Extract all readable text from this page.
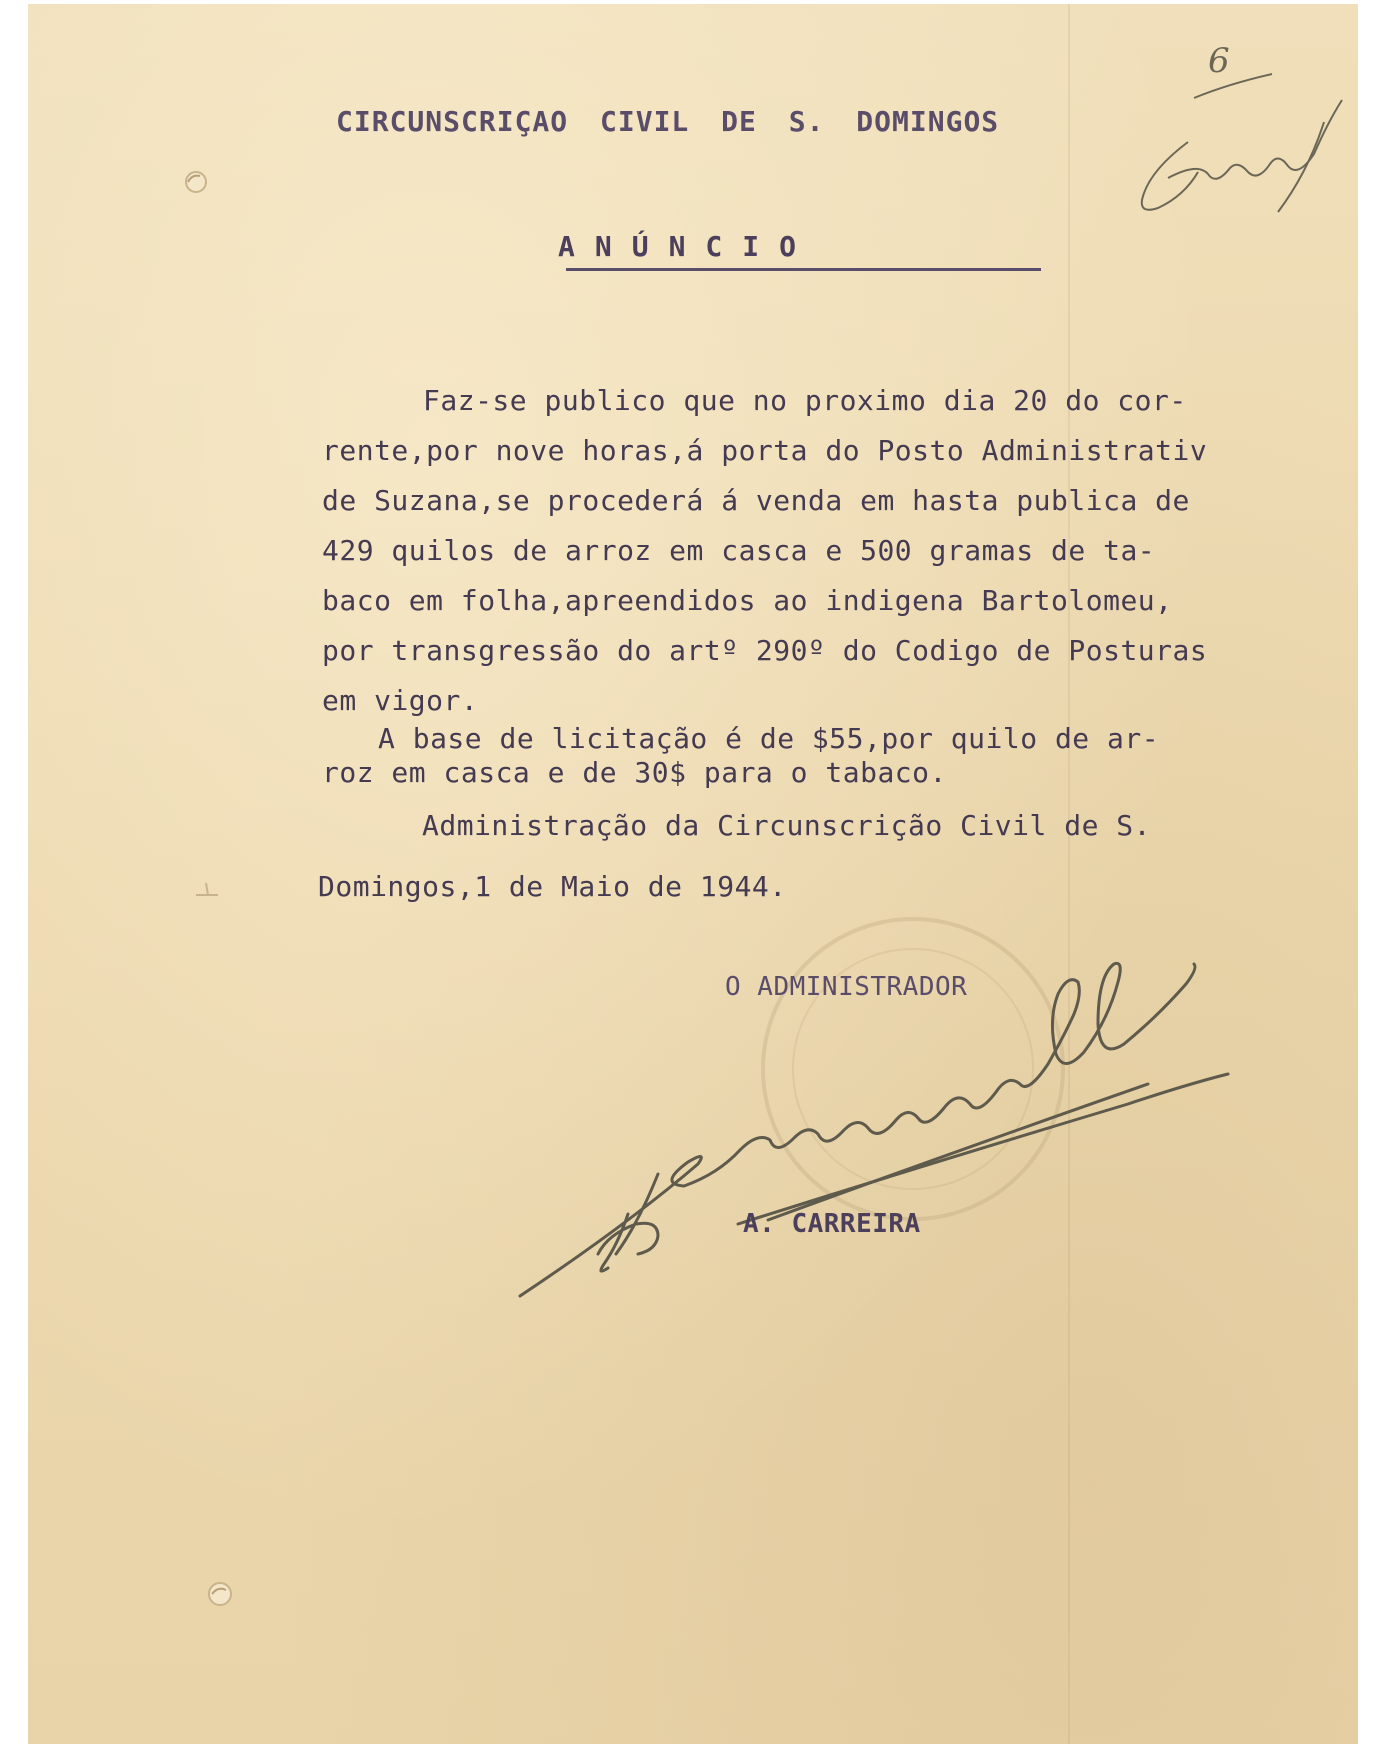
6

CIRCUNSCRIÇAO CIVIL DE S. DOMINGOS

ANÚNCIO

Faz-se publico que no proximo dia 20 do cor-

rente,por nove horas,á porta do Posto Administrativ

de Suzana,se procederá á venda em hasta publica de

429 quilos de arroz em casca e 500 gramas de ta-

baco em folha,apreendidos ao indigena Bartolomeu,

por transgressão do artº 290º do Codigo de Posturas

em vigor.

A base de licitação é de $55,por quilo de ar-

roz em casca e de 30$ para o tabaco.

Administração da Circunscrição Civil de S.

Domingos,1 de Maio de 1944.

O ADMINISTRADOR

A. CARREIRA
